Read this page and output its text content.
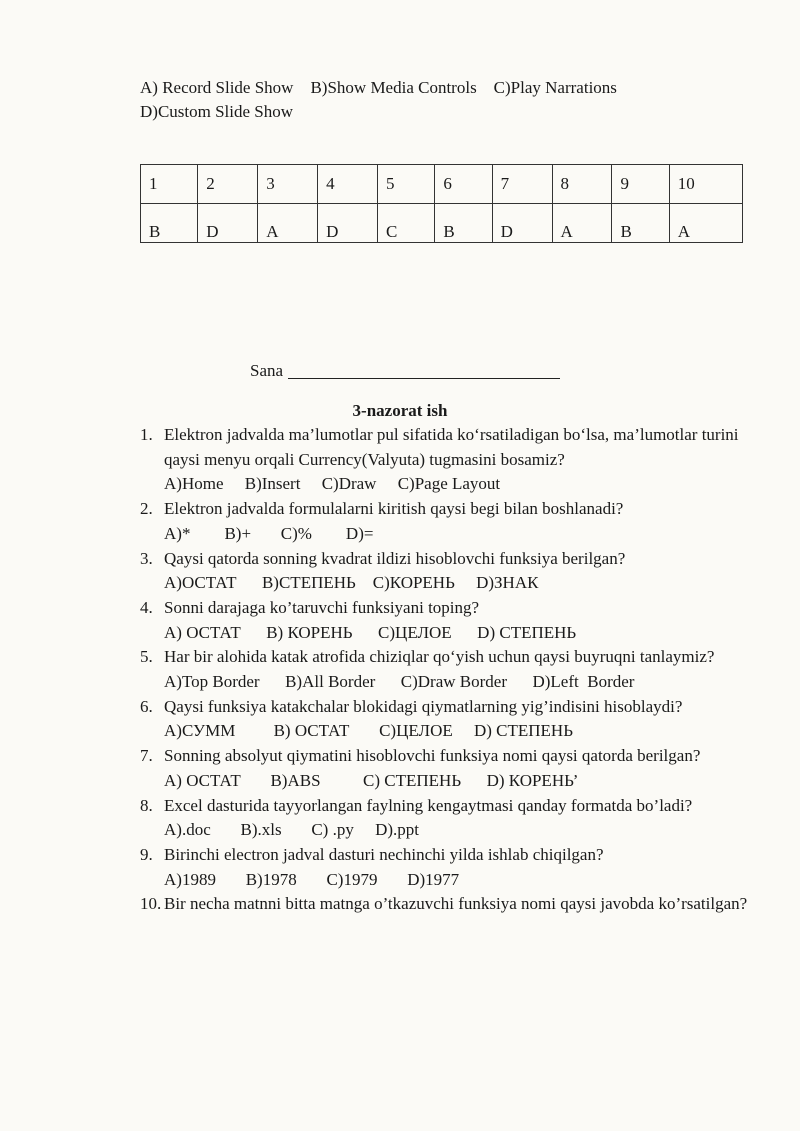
A) Record Slide Show    B)Show Media Controls    C)Play Narrations
D)Custom Slide Show
1	2	3	4	5	6	7	8	9	10
B	D	A	D	C	B	D	A	B	A
Sana
3-nazorat ish
1. Elektron jadvalda ma’lumotlar pul sifatida ko‘rsatiladigan bo‘lsa, ma’lumotlar turini qaysi menyu orqali Currency(Valyuta) tugmasini bosamiz?
A)Home     B)Insert     C)Draw     C)Page Layout
2. Elektron jadvalda formulalarni kiritish qaysi begi bilan boshlanadi?
A)*        B)+       C)%        D)=
3. Qaysi qatorda sonning kvadrat ildizi hisoblovchi funksiya berilgan?
A)ОСТАТ      B)СТЕПЕНЬ    C)КОРЕНЬ     D)ЗНАК
4. Sonni darajaga ko’taruvchi funksiyani toping?
A) ОСТАТ      B) КОРЕНЬ      C)ЦЕЛОЕ      D) СТЕПЕНЬ
5. Har bir alohida katak atrofida chiziqlar qo‘yish uchun qaysi buyruqni tanlaymiz?
A)Top Border      B)All Border      C)Draw Border      D)Left  Border
6. Qaysi funksiya katakchalar blokidagi qiymatlarning yig’indisini hisoblaydi?
A)СУММ         B) ОСТАТ       C)ЦЕЛОЕ     D) СТЕПЕНЬ
7. Sonning absolyut qiymatini hisoblovchi funksiya nomi qaysi qatorda berilgan?
A) ОСТАТ       B)ABS          C) СТЕПЕНЬ      D) КОРЕНЬ’
8. Excel dasturida tayyorlangan faylning kengaytmasi qanday formatda bo’ladi?
A).doc       B).xls       C) .py     D).ppt
9. Birinchi electron jadval dasturi nechinchi yilda ishlab chiqilgan?
A)1989       B)1978       C)1979       D)1977
10. Bir necha matnni bitta matnga o’tkazuvchi funksiya nomi qaysi javobda ko’rsatilgan?
